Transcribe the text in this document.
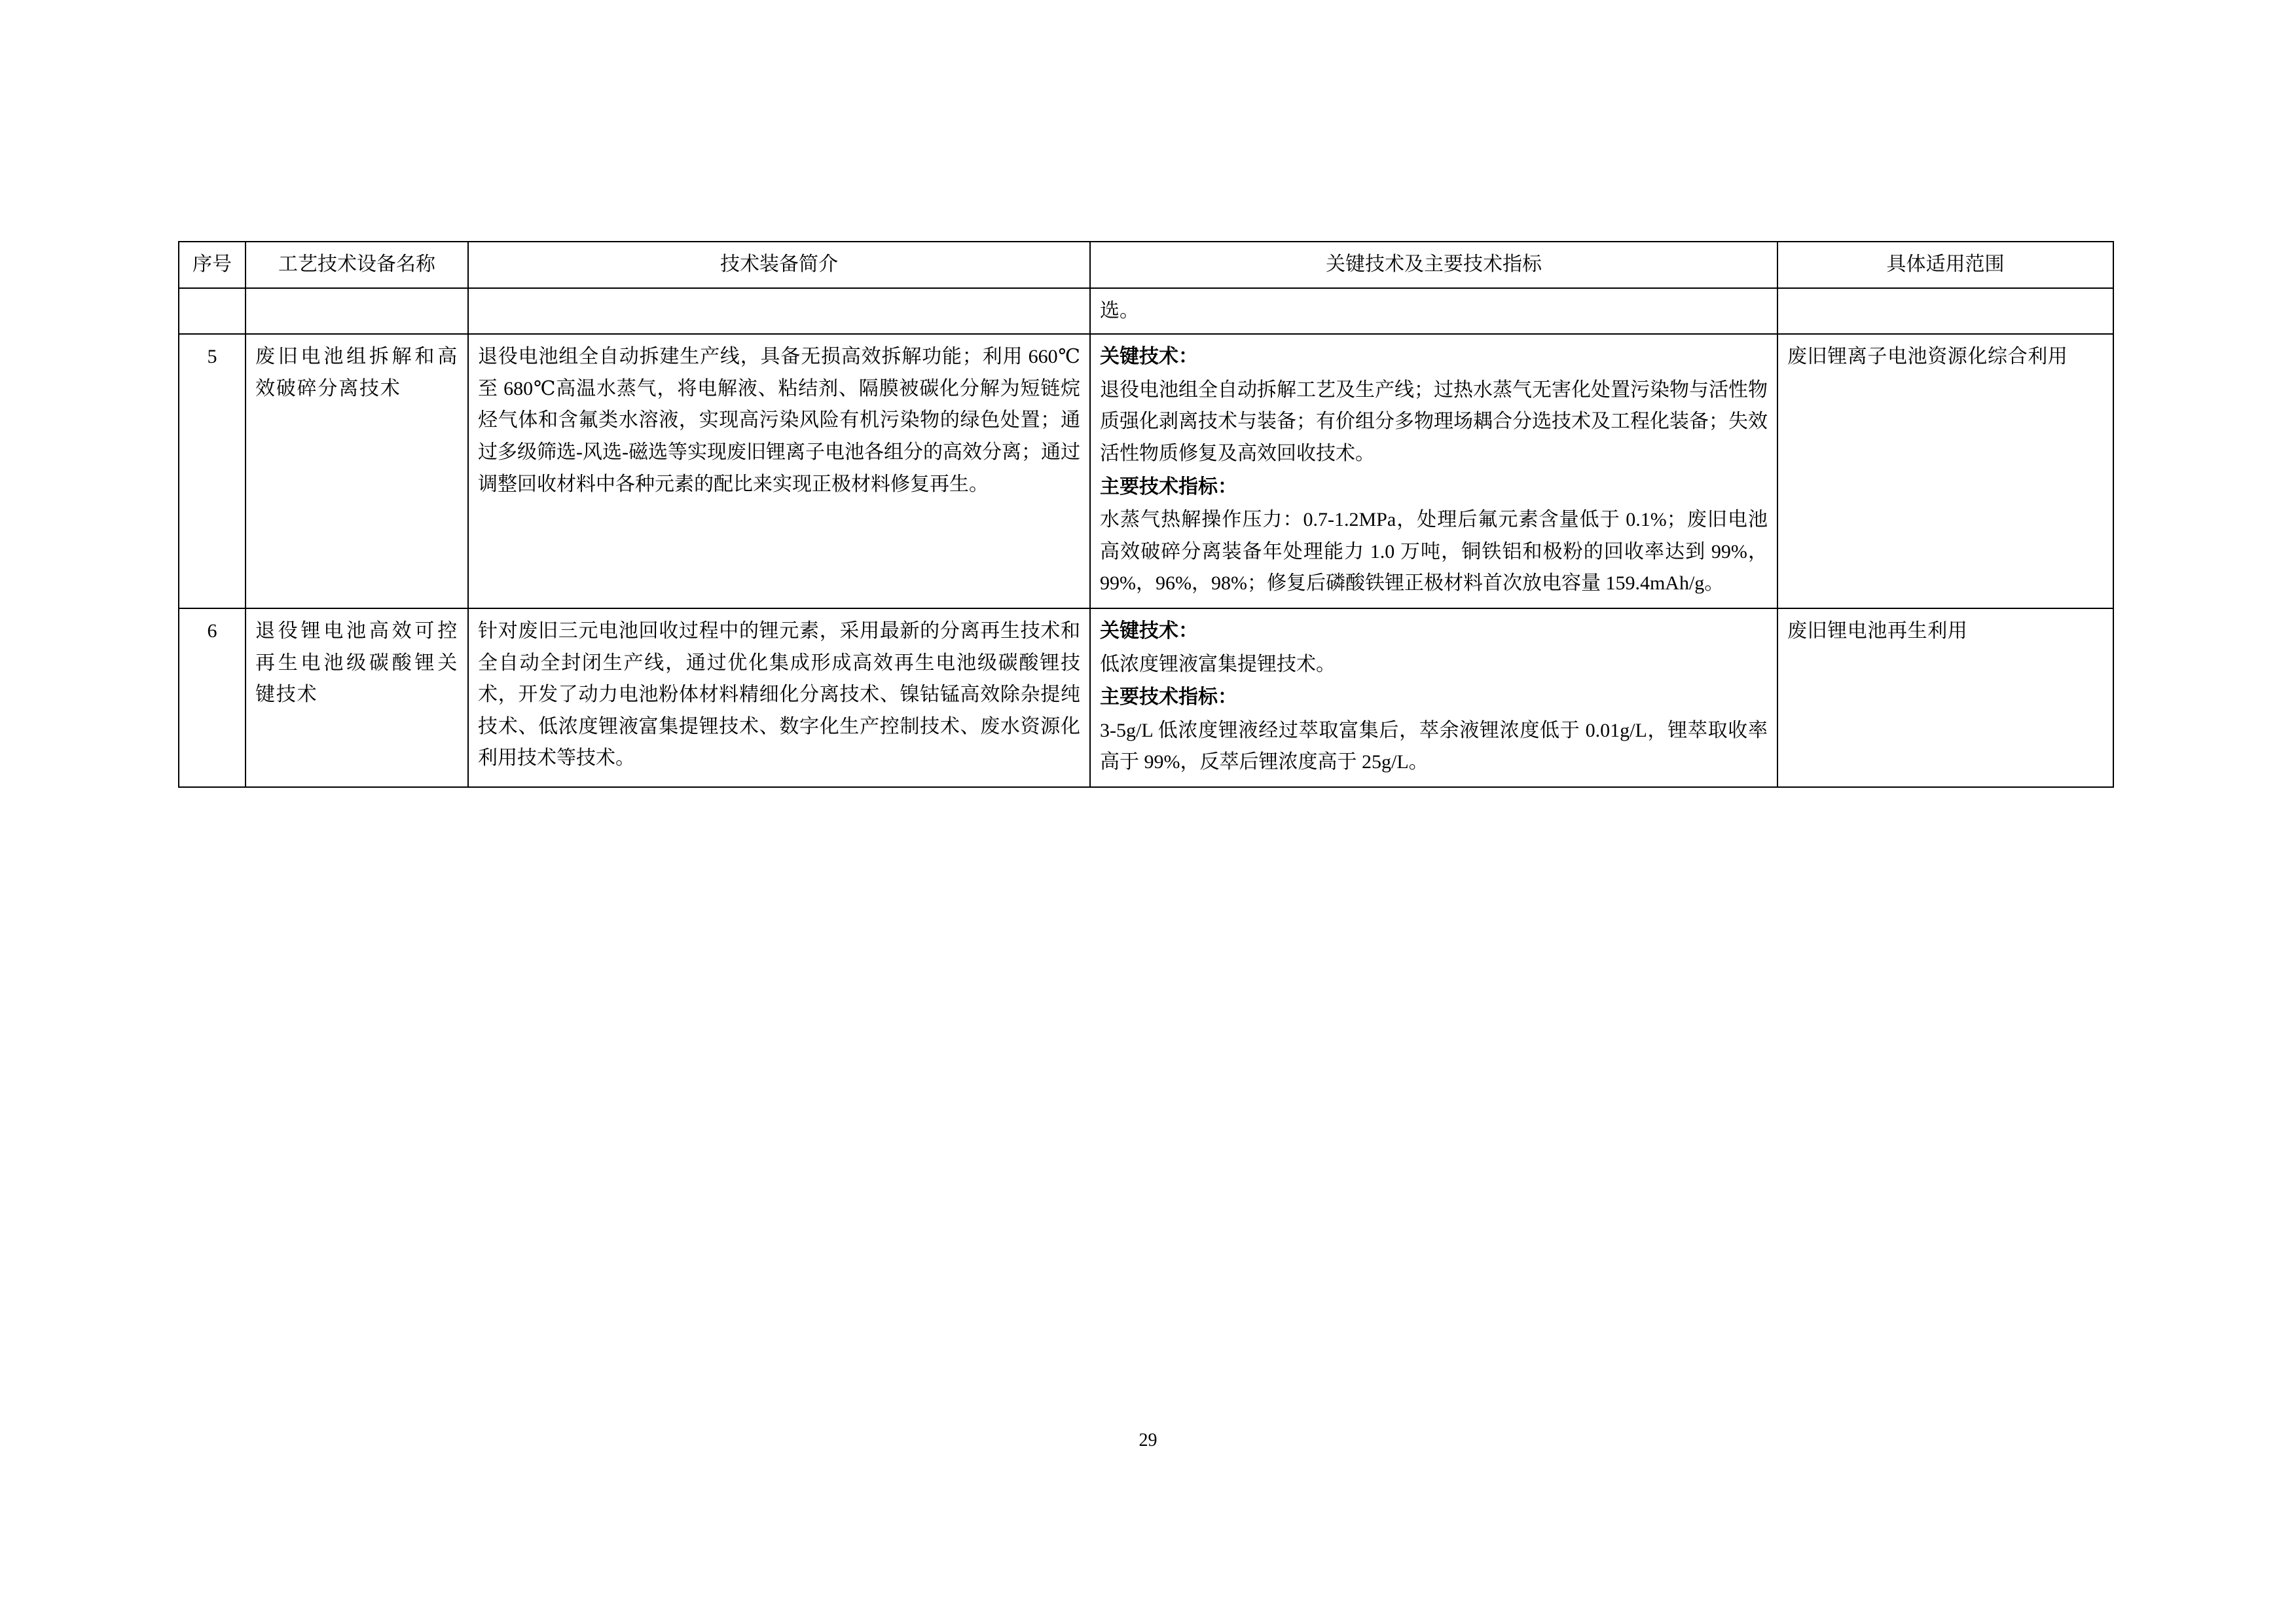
序号	工艺技术设备名称	技术装备简介	关键技术及主要技术指标	具体适用范围
			选。	
5	废旧电池组拆解和高效破碎分离技术	退役电池组全自动拆建生产线，具备无损高效拆解功能；利用 660℃至 680℃高温水蒸气，将电解液、粘结剂、隔膜被碳化分解为短链烷烃气体和含氟类水溶液，实现高污染风险有机污染物的绿色处置；通过多级筛选-风选-磁选等实现废旧锂离子电池各组分的高效分离；通过调整回收材料中各种元素的配比来实现正极材料修复再生。	关键技术：

退役电池组全自动拆解工艺及生产线；过热水蒸气无害化处置污染物与活性物质强化剥离技术与装备；有价组分多物理场耦合分选技术及工程化装备；失效活性物质修复及高效回收技术。

主要技术指标：

水蒸气热解操作压力：0.7-1.2MPa，处理后氟元素含量低于 0.1%；废旧电池高效破碎分离装备年处理能力 1.0 万吨，铜铁铝和极粉的回收率达到 99%，99%，96%，98%；修复后磷酸铁锂正极材料首次放电容量 159.4mAh/g。	废旧锂离子电池资源化综合利用
6	退役锂电池高效可控再生电池级碳酸锂关键技术	针对废旧三元电池回收过程中的锂元素，采用最新的分离再生技术和全自动全封闭生产线，通过优化集成形成高效再生电池级碳酸锂技术，开发了动力电池粉体材料精细化分离技术、镍钴锰高效除杂提纯技术、低浓度锂液富集提锂技术、数字化生产控制技术、废水资源化利用技术等技术。	关键技术：

低浓度锂液富集提锂技术。

主要技术指标：

3-5g/L 低浓度锂液经过萃取富集后，萃余液锂浓度低于 0.01g/L，锂萃取收率高于 99%，反萃后锂浓度高于 25g/L。	废旧锂电池再生利用
29
